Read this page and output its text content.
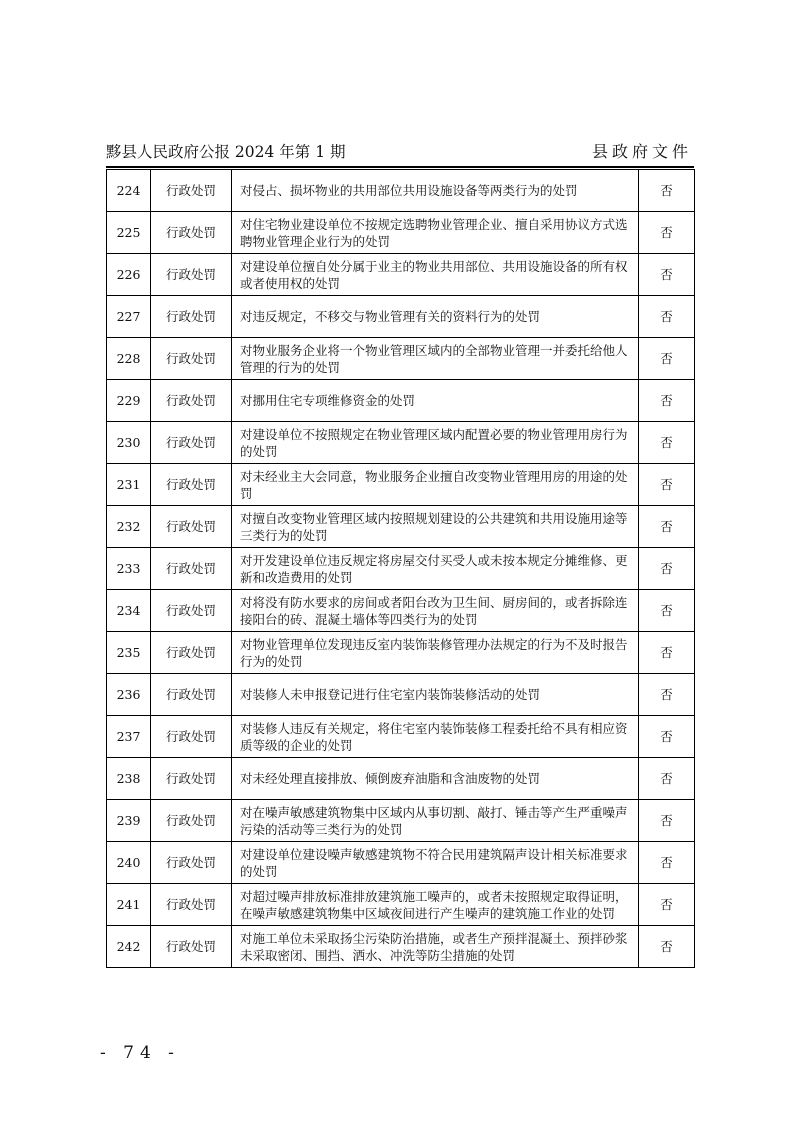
黟县人民政府公报 2024 年第 1 期	县政府文件
224	行政处罚	对侵占、损坏物业的共用部位共用设施设备等两类行为的处罚	否
225	行政处罚	对住宅物业建设单位不按规定选聘物业管理企业、擅自采用协议方式选聘物业管理企业行为的处罚	否
226	行政处罚	对建设单位擅自处分属于业主的物业共用部位、共用设施设备的所有权或者使用权的处罚	否
227	行政处罚	对违反规定，不移交与物业管理有关的资料行为的处罚	否
228	行政处罚	对物业服务企业将一个物业管理区域内的全部物业管理一并委托给他人管理的行为的处罚	否
229	行政处罚	对挪用住宅专项维修资金的处罚	否
230	行政处罚	对建设单位不按照规定在物业管理区域内配置必要的物业管理用房行为的处罚	否
231	行政处罚	对未经业主大会同意，物业服务企业擅自改变物业管理用房的用途的处罚	否
232	行政处罚	对擅自改变物业管理区域内按照规划建设的公共建筑和共用设施用途等三类行为的处罚	否
233	行政处罚	对开发建设单位违反规定将房屋交付买受人或未按本规定分摊维修、更新和改造费用的处罚	否
234	行政处罚	对将没有防水要求的房间或者阳台改为卫生间、厨房间的，或者拆除连接阳台的砖、混凝土墙体等四类行为的处罚	否
235	行政处罚	对物业管理单位发现违反室内装饰装修管理办法规定的行为不及时报告行为的处罚	否
236	行政处罚	对装修人未申报登记进行住宅室内装饰装修活动的处罚	否
237	行政处罚	对装修人违反有关规定，将住宅室内装饰装修工程委托给不具有相应资质等级的企业的处罚	否
238	行政处罚	对未经处理直接排放、倾倒废弃油脂和含油废物的处罚	否
239	行政处罚	对在噪声敏感建筑物集中区域内从事切割、敲打、锤击等产生严重噪声污染的活动等三类行为的处罚	否
240	行政处罚	对建设单位建设噪声敏感建筑物不符合民用建筑隔声设计相关标准要求的处罚	否
241	行政处罚	对超过噪声排放标准排放建筑施工噪声的，或者未按照规定取得证明，在噪声敏感建筑物集中区域夜间进行产生噪声的建筑施工作业的处罚	否
242	行政处罚	对施工单位未采取扬尘污染防治措施，或者生产预拌混凝土、预拌砂浆未采取密闭、围挡、洒水、冲洗等防尘措施的处罚	否
- 74 -
